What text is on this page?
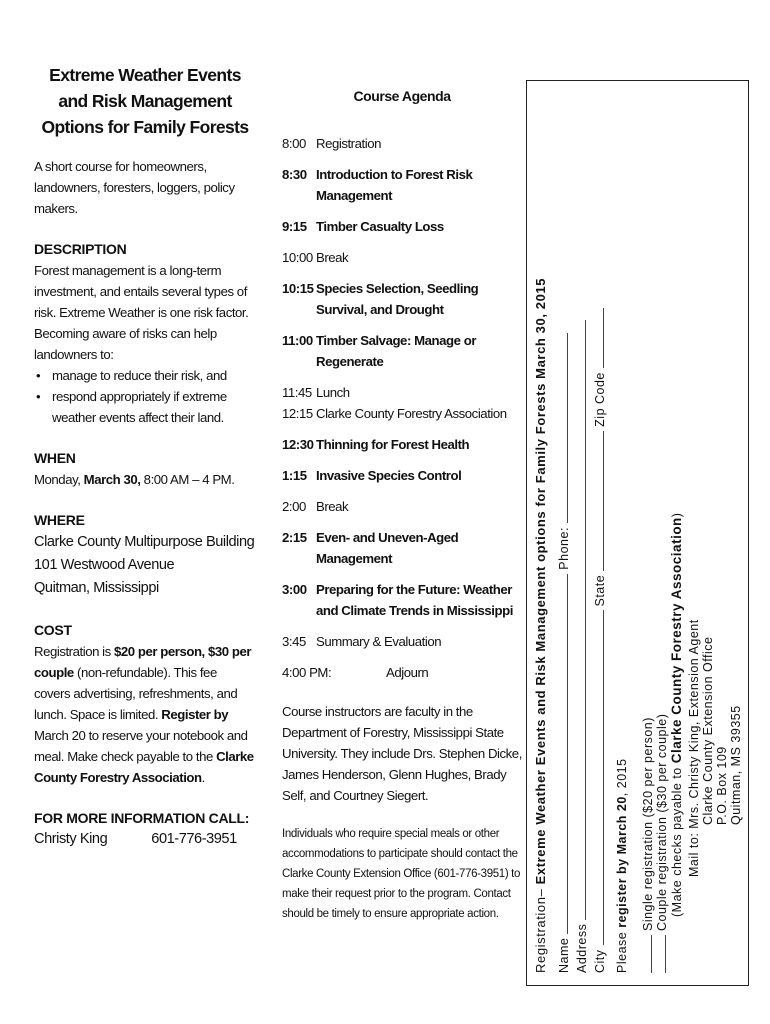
Extreme Weather Events and Risk Management Options for Family Forests

A short course for homeowners, landowners, foresters, loggers, policy makers.

DESCRIPTION

Forest management is a long-term investment, and entails several types of risk. Extreme Weather is one risk factor. Becoming aware of risks can help landowners to:

• manage to reduce their risk, and
• respond appropriately if extreme weather events affect their land.
WHEN

Monday, March 30, 8:00 AM – 4 PM.

WHERE
Clarke County Multipurpose Building
101 Westwood Avenue
Quitman, Mississippi
COST

Registration is $20 per person, $30 per couple (non-refundable). This fee covers advertising, refreshments, and lunch. Space is limited. Register by March 20 to reserve your notebook and meal. Make check payable to the Clarke County Forestry Association.

FOR MORE INFORMATION CALL:
Christy King	601-776-3951
Course Agenda
8:00 Registration
8:30 Introduction to Forest Risk Management
9:15 Timber Casualty Loss
10:00 Break
10:15 Species Selection, Seedling Survival, and Drought
11:00 Timber Salvage: Manage or Regenerate
11:45 Lunch
12:15 Clarke County Forestry Association
12:30 Thinning for Forest Health
1:15 Invasive Species Control
2:00 Break
2:15 Even- and Uneven-Aged Management
3:00 Preparing for the Future: Weather and Climate Trends in Mississippi
3:45 Summary & Evaluation
4:00 PM:	Adjourn
Course instructors are faculty in the Department of Forestry, Mississippi State University. They include Drs. Stephen Dicke, James Henderson, Glenn Hughes, Brady Self, and Courtney Siegert.
Individuals who require special meals or other accommodations to participate should contact the Clarke County Extension Office (601-776-3951) to make their request prior to the program. Contact should be timely to ensure appropriate action.	Registration– Extreme Weather Events and Risk Management options for Family Forests March 30, 2015
Name  Phone:
Address City  State  Zip Code
Please register by March 20, 2015 Single registration ($20 per person) Couple registration ($30 per couple) (Make checks payable to Clarke County Forestry Association)
Mail to: Mrs. Christy King, Extension Agent Clarke County Extension Office P.O. Box 109 Quitman, MS 39355
